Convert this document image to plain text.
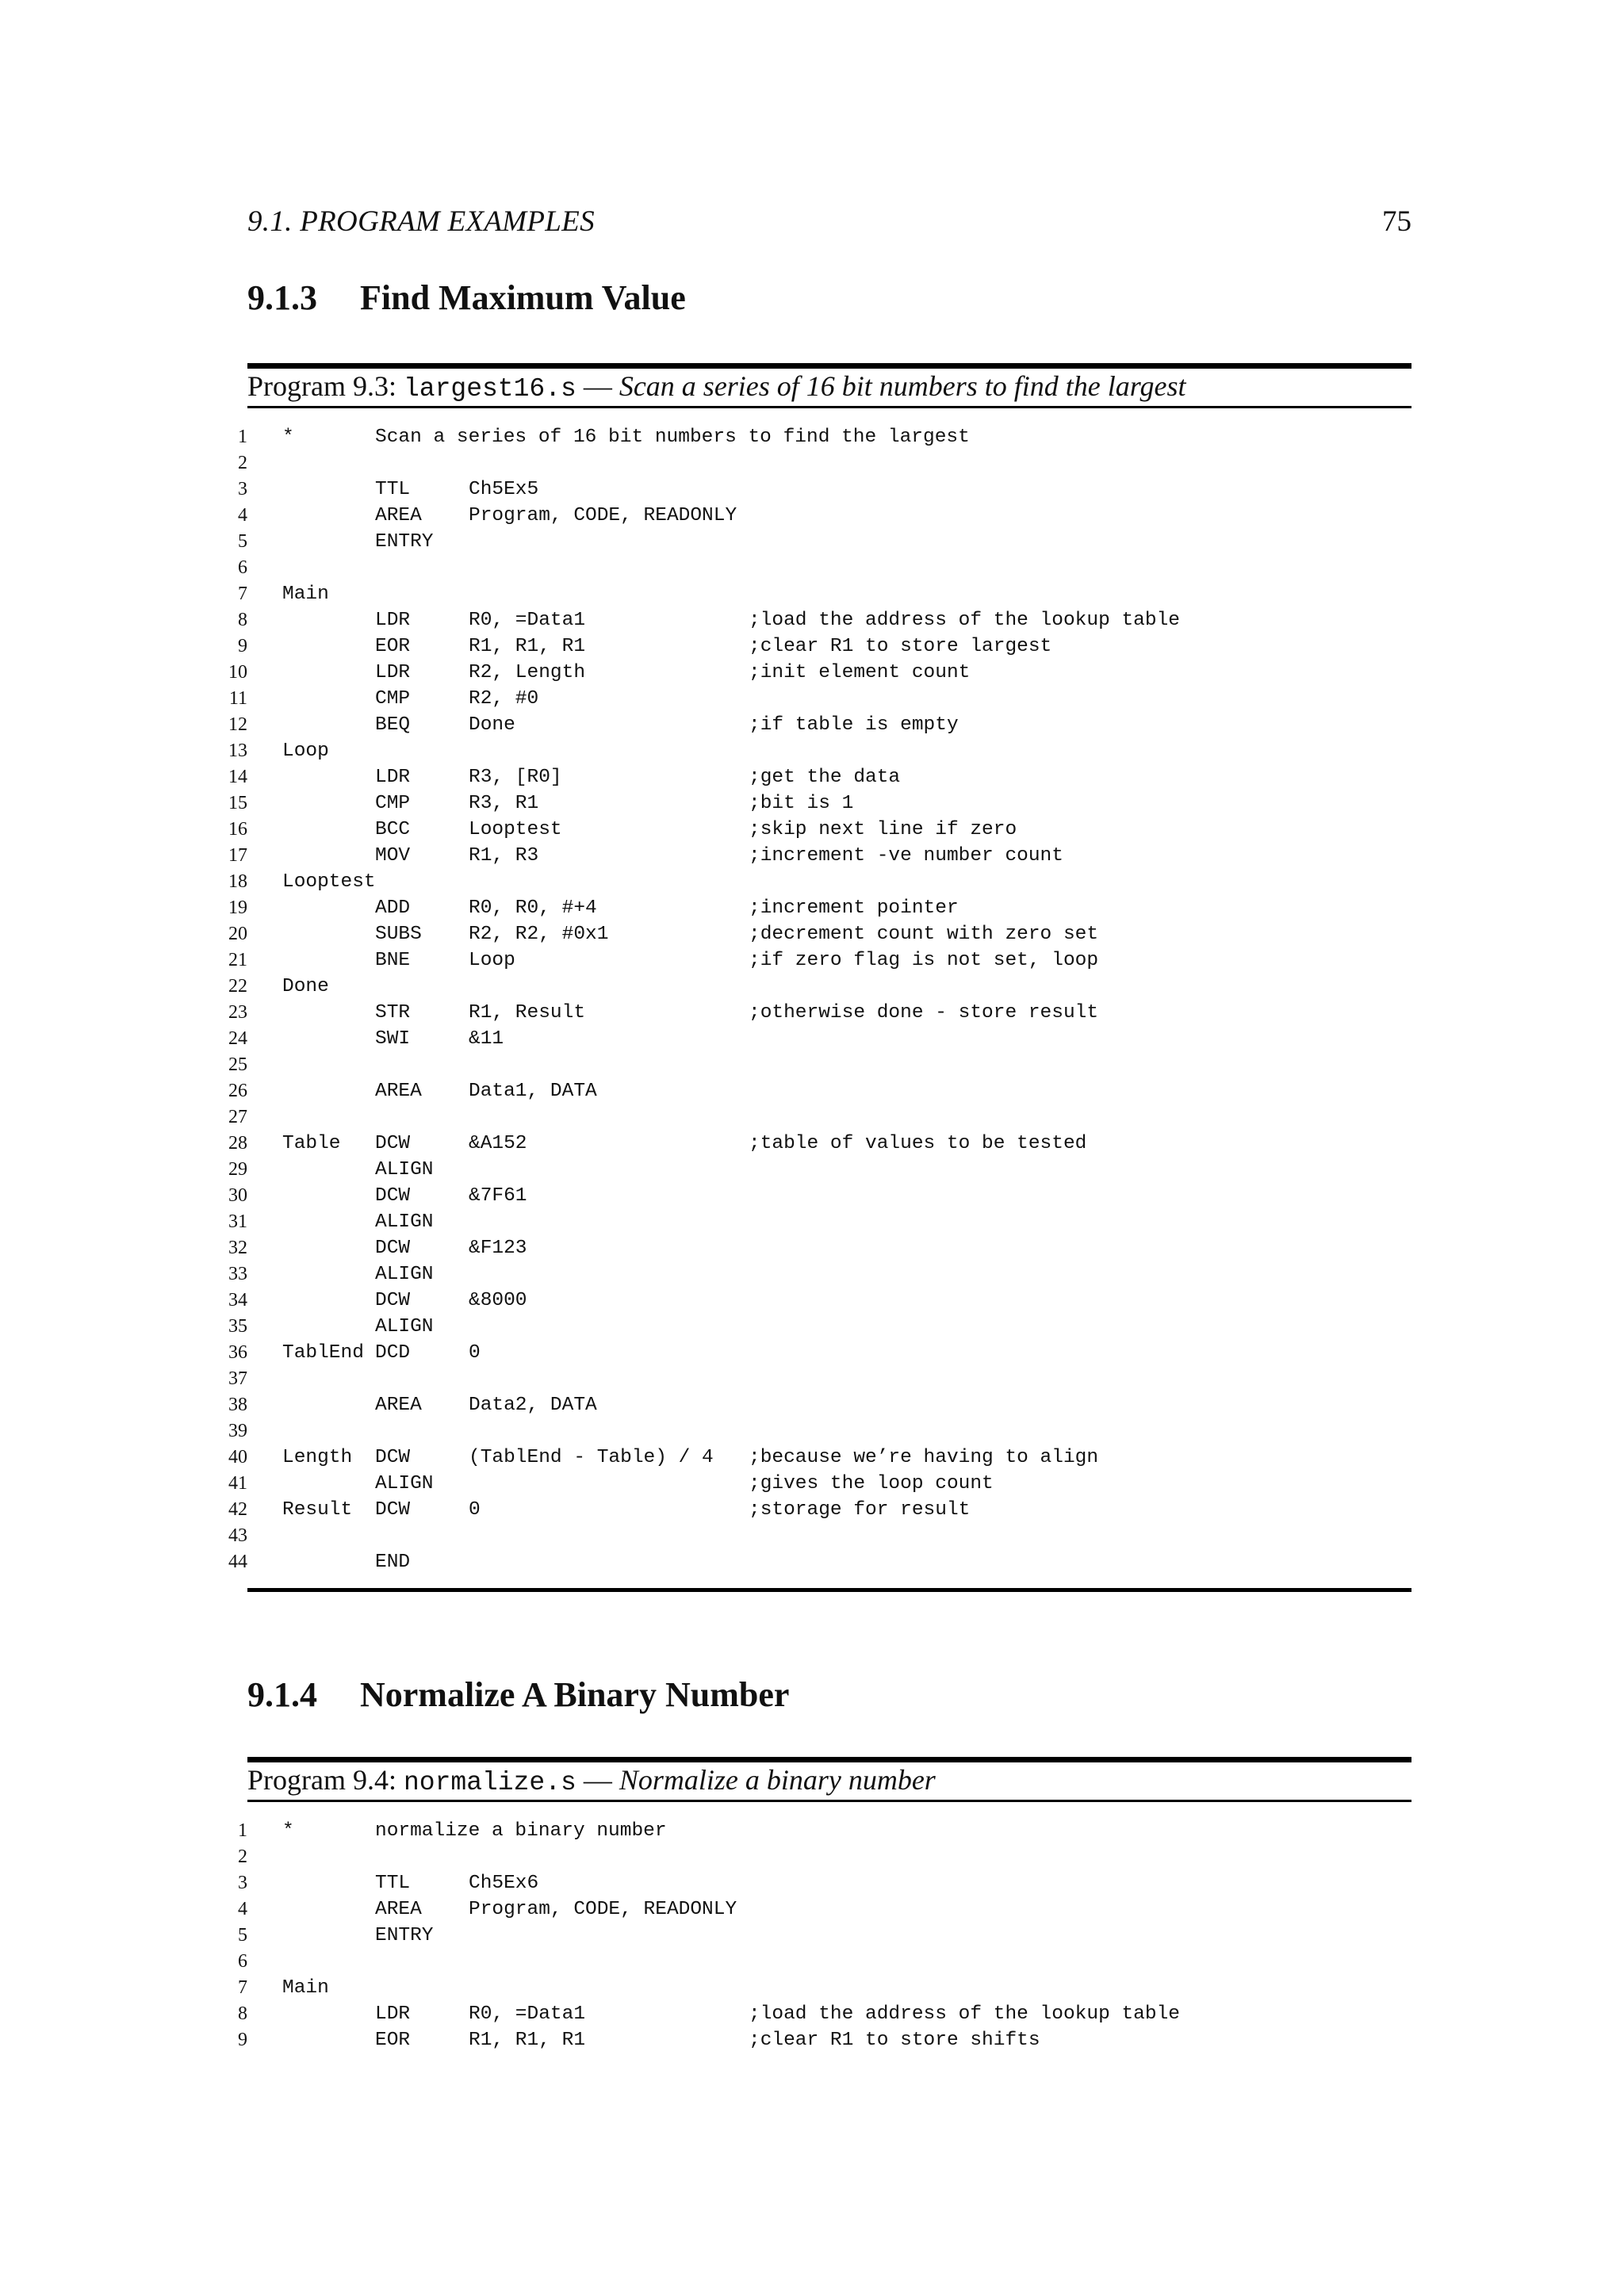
9.1. PROGRAM EXAMPLES	75
9.1.3 Find Maximum Value
Program 9.3: largest16.s — Scan a series of 16 bit numbers to find the largest
1 *	Scan a series of 16 bit numbers to find the largest
2
3	TTL	Ch5Ex5
4	AREA Program, CODE, READONLY
5	ENTRY
6
7 Main
8	LDR	R0, =Data1	;load the address of the lookup table
9	EOR	R1, R1, R1	;clear R1 to store largest
10	LDR	R2, Length	;init element count
11	CMP	R2, #0
12	BEQ	Done	;if table is empty
13 Loop
14	LDR	R3, [R0]	;get the data
15	CMP	R3, R1	;bit is 1
16	BCC	Looptest	;skip next line if zero
17	MOV	R1, R3	;increment -ve number count
18 Looptest
19	ADD	R0, R0, #+4	;increment pointer
20	SUBS R2, R2, #0x1	;decrement count with zero set
21	BNE	Loop	;if zero flag is not set, loop
22 Done
23	STR	R1, Result	;otherwise done - store result
24	SWI	&11
25
26	AREA Data1, DATA
27
28 Table DCW	&A152	;table of values to be tested
29	ALIGN
30	DCW	&7F61
31	ALIGN
32	DCW	&F123
33	ALIGN
34	DCW	&8000
35	ALIGN
36 TablEnd DCD	0
37
38	AREA Data2, DATA
39
40 Length DCW	(TablEnd - Table) / 4 ;because we’re having to align
41	ALIGN	;gives the loop count
42 Result DCW	0	;storage for result
43
44	END
9.1.4 Normalize A Binary Number
Program 9.4: normalize.s — Normalize a binary number
1 *	normalize a binary number
2
3	TTL	Ch5Ex6
4	AREA Program, CODE, READONLY
5	ENTRY
6
7 Main
8	LDR	R0, =Data1	;load the address of the lookup table
9	EOR	R1, R1, R1	;clear R1 to store shifts
